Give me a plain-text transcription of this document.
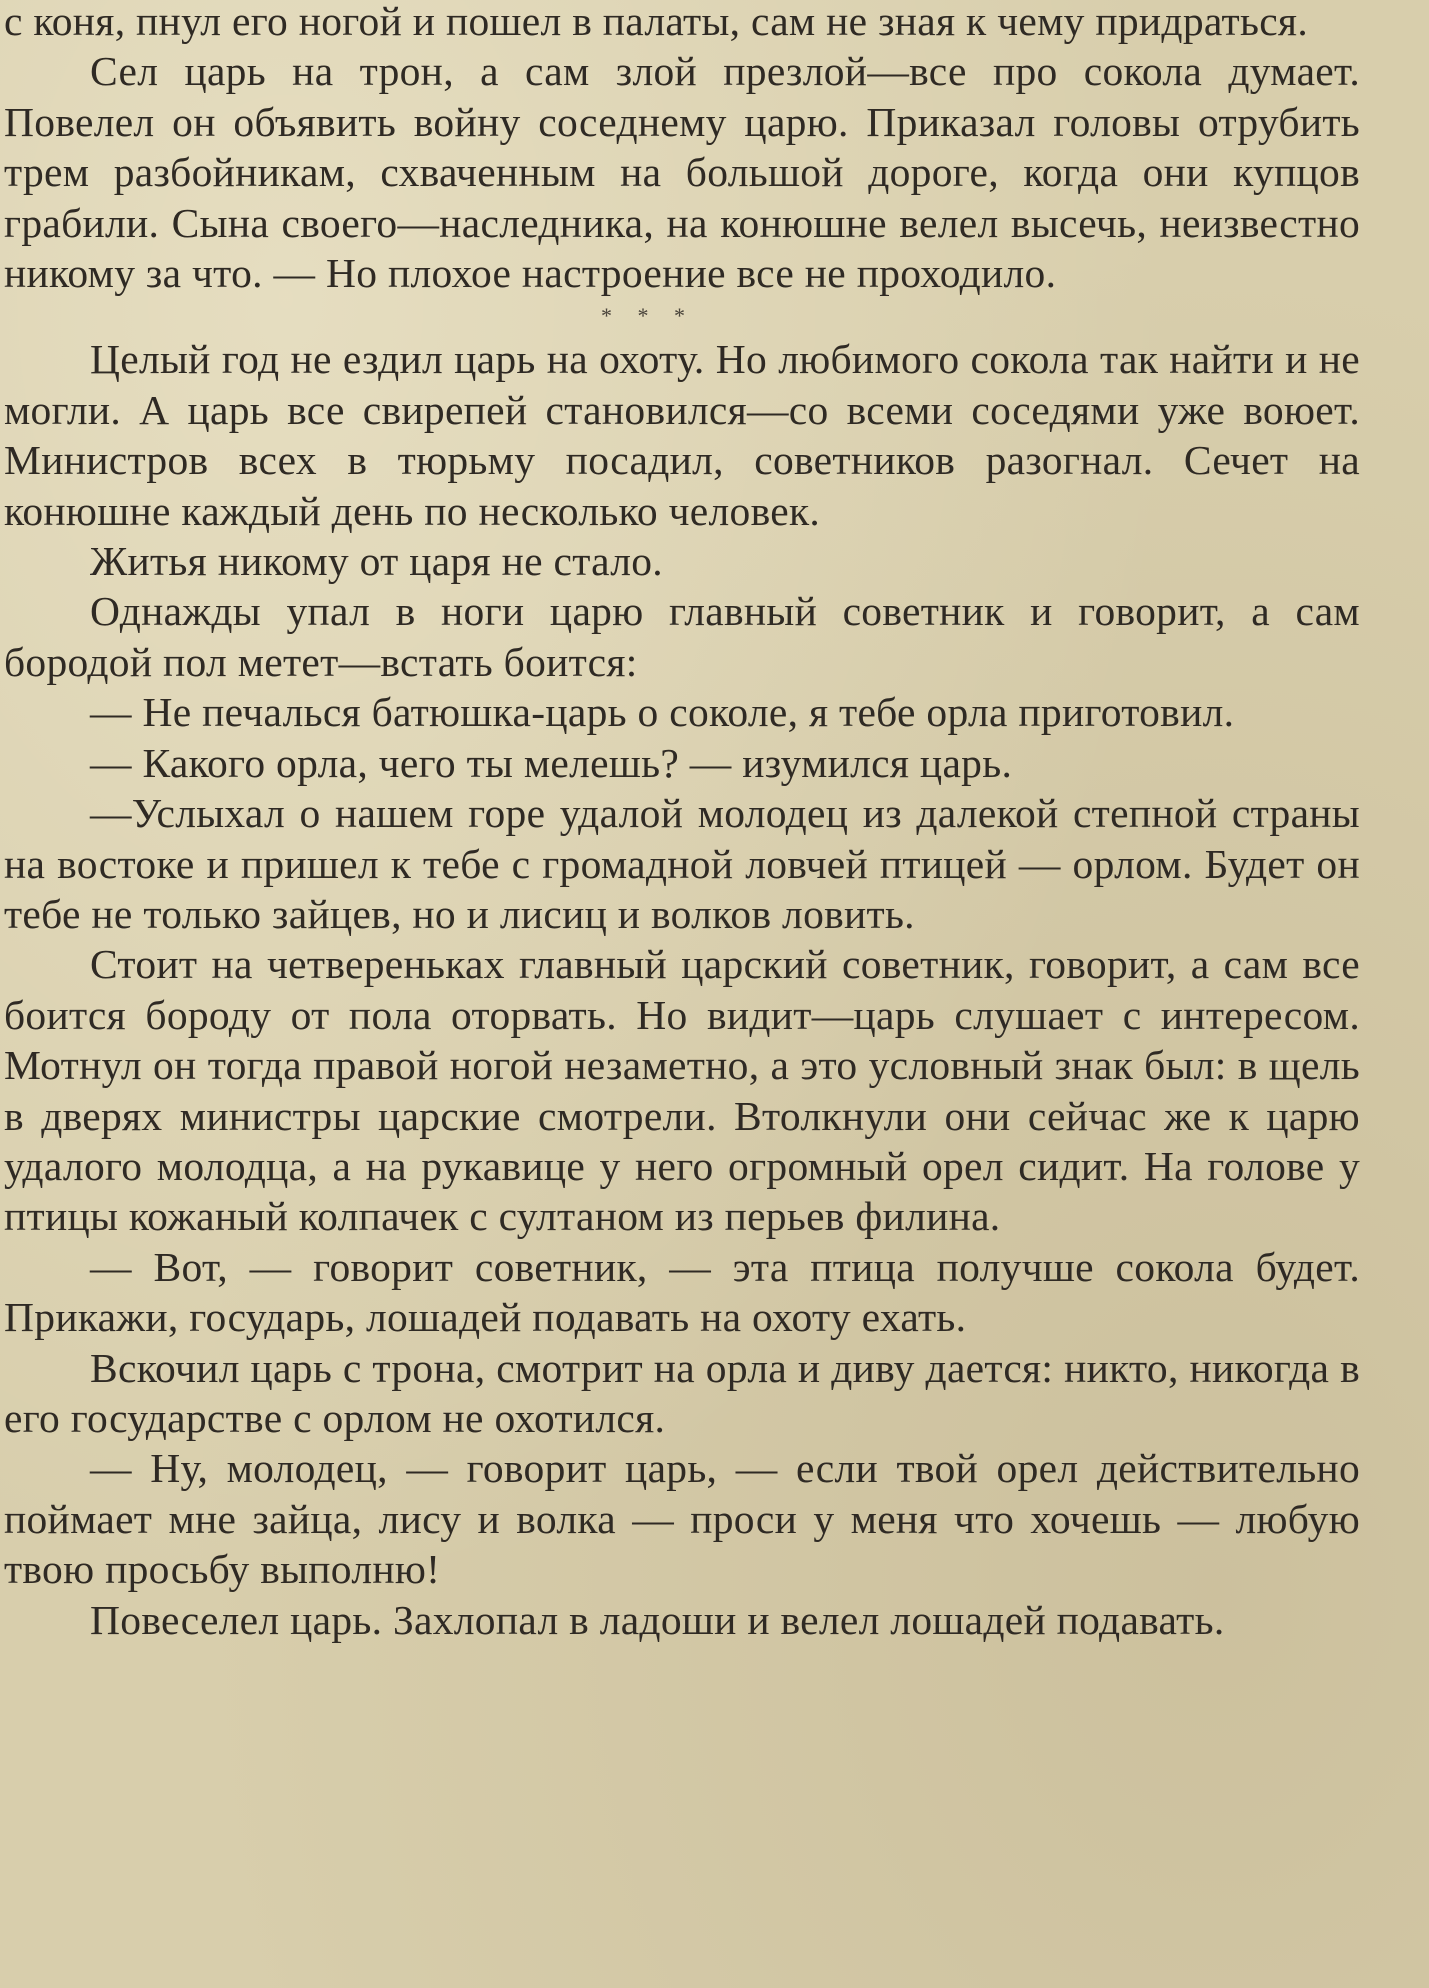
с коня, пнул его ногой и пошел в палаты, сам не зная к чему придраться.

Сел царь на трон, а сам злой презлой—все про сокола думает. Повелел он объявить войну соседнему царю. Приказал головы отрубить трем разбойникам, схваченным на большой дороге, когда они купцов грабили. Сына своего—наследника, на конюшне велел высечь, неизвестно никому за что. — Но плохое настроение все не проходило.

* * *

Целый год не ездил царь на охоту. Но любимого сокола так найти и не могли. А царь все свирепей становился—со всеми соседями уже воюет. Министров всех в тюрьму посадил, советников разогнал. Сечет на конюшне каждый день по несколько человек.

Житья никому от царя не стало.

Однажды упал в ноги царю главный советник и говорит, а сам бородой пол метет—встать боится:

— Не печалься батюшка-царь о соколе, я тебе орла приготовил.

— Какого орла, чего ты мелешь? — изумился царь.

—Услыхал о нашем горе удалой молодец из далекой степной страны на востоке и пришел к тебе с громадной ловчей птицей — орлом. Будет он тебе не только зайцев, но и лисиц и волков ловить.

Стоит на четвереньках главный царский советник, говорит, а сам все боится бороду от пола оторвать. Но видит—царь слушает с интересом. Мотнул он тогда правой ногой незаметно, а это условный знак был: в щель в дверях министры царские смотрели. Втолкнули они сейчас же к царю удалого молодца, а на рукавице у него огромный орел сидит. На голове у птицы кожаный колпачек с султаном из перьев филина.

— Вот, — говорит советник, — эта птица получше сокола будет. Прикажи, государь, лошадей подавать на охоту ехать.

Вскочил царь с трона, смотрит на орла и диву дается: никто, никогда в его государстве с орлом не охотился.

— Ну, молодец, — говорит царь, — если твой орел действительно поймает мне зайца, лису и волка — проси у меня что хочешь — любую твою просьбу выполню!

Повеселел царь. Захлопал в ладоши и велел лошадей подавать.
